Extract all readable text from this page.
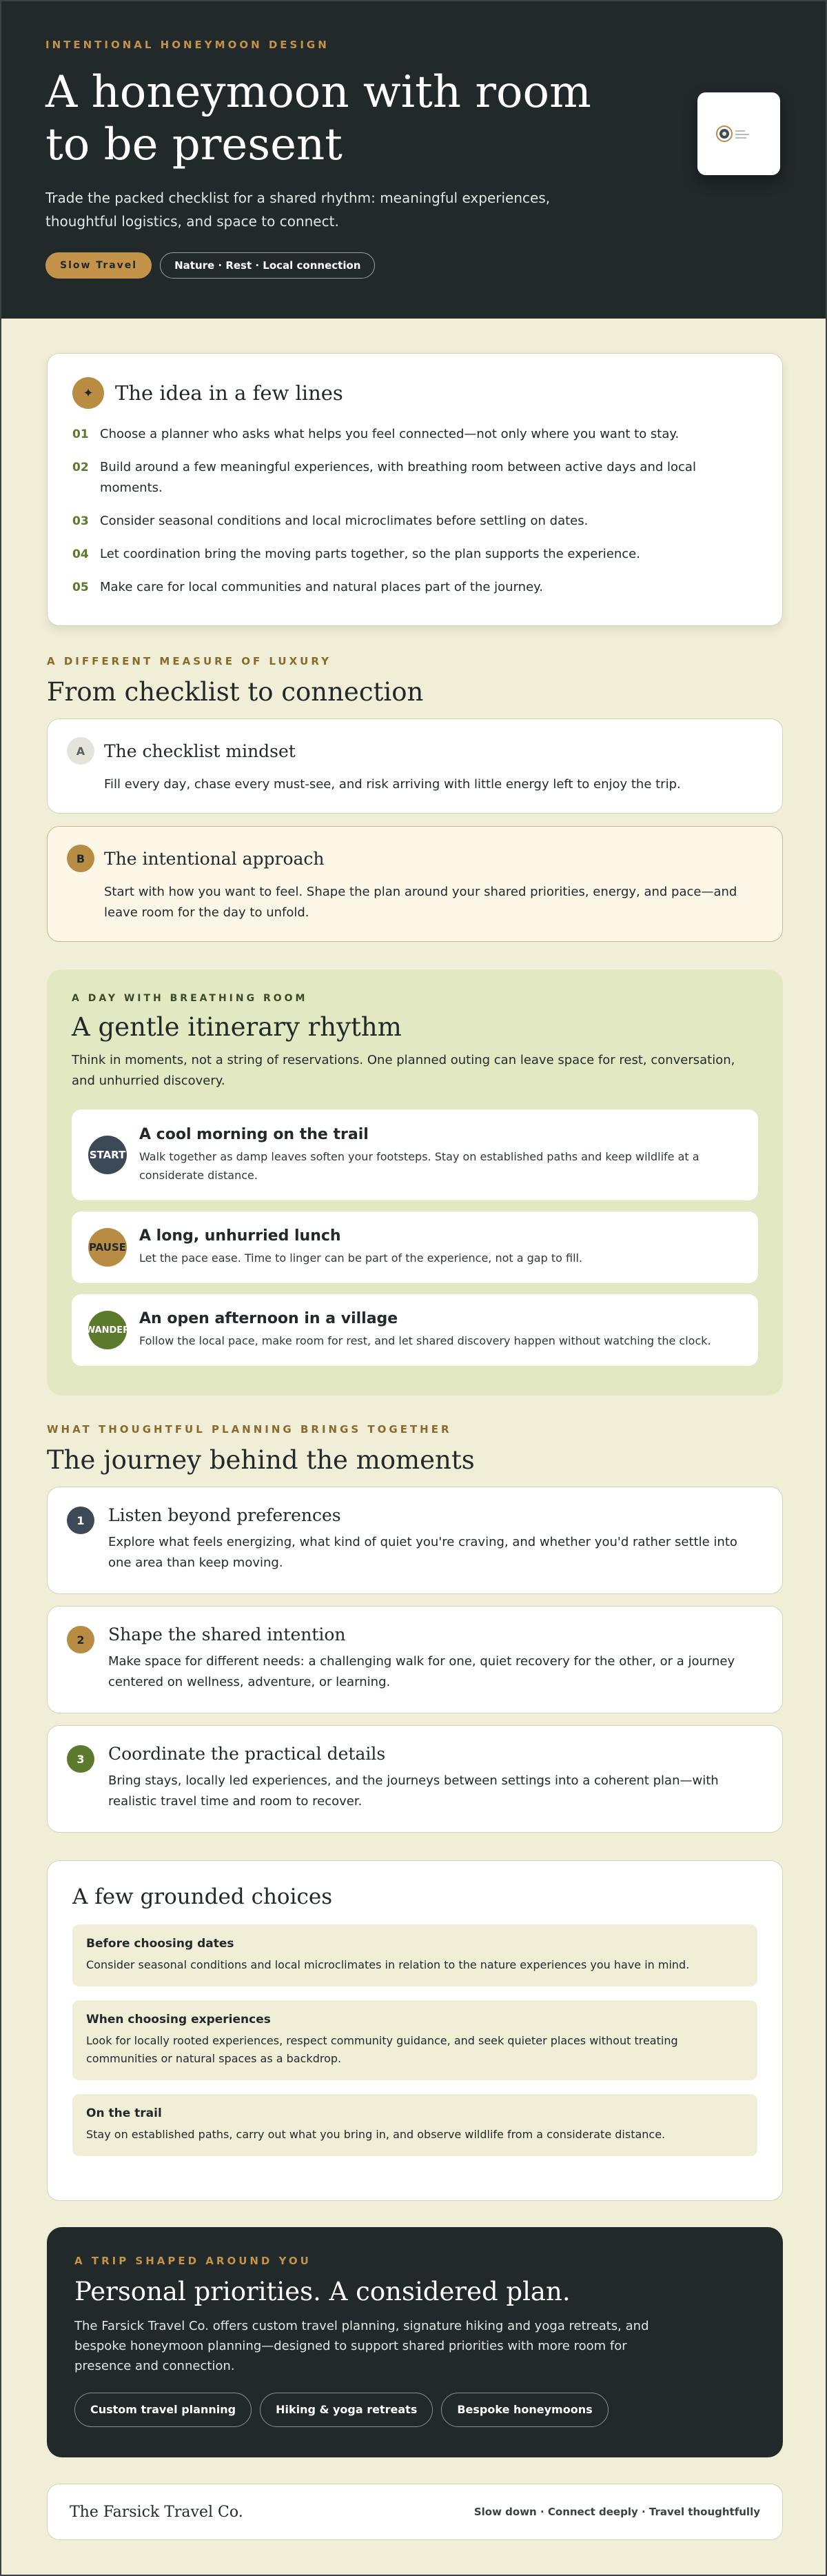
INTENTIONAL HONEYMOON DESIGN
A honeymoon with room to be present

Trade the packed checklist for a shared rhythm: meaningful experiences, thoughtful logistics, and space to connect.

Slow Travel	Nature · Rest · Local connection
✦	The idea in a few lines
01 Choose a planner who asks what helps you feel connected—not only where you want to stay.
02 Build around a few meaningful experiences, with breathing room between active days and local moments.
03 Consider seasonal conditions and local microclimates before settling on dates.
04 Let coordination bring the moving parts together, so the plan supports the experience.
05 Make care for local communities and natural places part of the journey.
A DIFFERENT MEASURE OF LUXURY
From checklist to connection
A	The checklist mindset

Fill every day, chase every must-see, and risk arriving with little energy left to enjoy the trip.

B	The intentional approach

Start with how you want to feel. Shape the plan around your shared priorities, energy, and pace—and leave room for the day to unfold.

A DAY WITH BREATHING ROOM
A gentle itinerary rhythm

Think in moments, not a string of reservations. One planned outing can leave space for rest, conversation, and unhurried discovery.

START
A cool morning on the trail

Walk together as damp leaves soften your footsteps. Stay on established paths and keep wildlife at a considerate distance.

PAUSE
A long, unhurried lunch

Let the pace ease. Time to linger can be part of the experience, not a gap to fill.

WANDER
An open afternoon in a village

Follow the local pace, make room for rest, and let shared discovery happen without watching the clock.

WHAT THOUGHTFUL PLANNING BRINGS TOGETHER
The journey behind the moments
1	Listen beyond preferences

Explore what feels energizing, what kind of quiet you're craving, and whether you'd rather settle into one area than keep moving.

2	Shape the shared intention

Make space for different needs: a challenging walk for one, quiet recovery for the other, or a journey centered on wellness, adventure, or learning.

3	Coordinate the practical details

Bring stays, locally led experiences, and the journeys between settings into a coherent plan—with realistic travel time and room to recover.

A few grounded choices
Before choosing dates

Consider seasonal conditions and local microclimates in relation to the nature experiences you have in mind.

When choosing experiences

Look for locally rooted experiences, respect community guidance, and seek quieter places without treating communities or natural spaces as a backdrop.

On the trail

Stay on established paths, carry out what you bring in, and observe wildlife from a considerate distance.

A TRIP SHAPED AROUND YOU
Personal priorities. A considered plan.

The Farsick Travel Co. offers custom travel planning, signature hiking and yoga retreats, and bespoke honeymoon planning—designed to support shared priorities with more room for presence and connection.

Custom travel planning	Hiking & yoga retreats	Bespoke honeymoons
The Farsick Travel Co.	Slow down · Connect deeply · Travel thoughtfully
